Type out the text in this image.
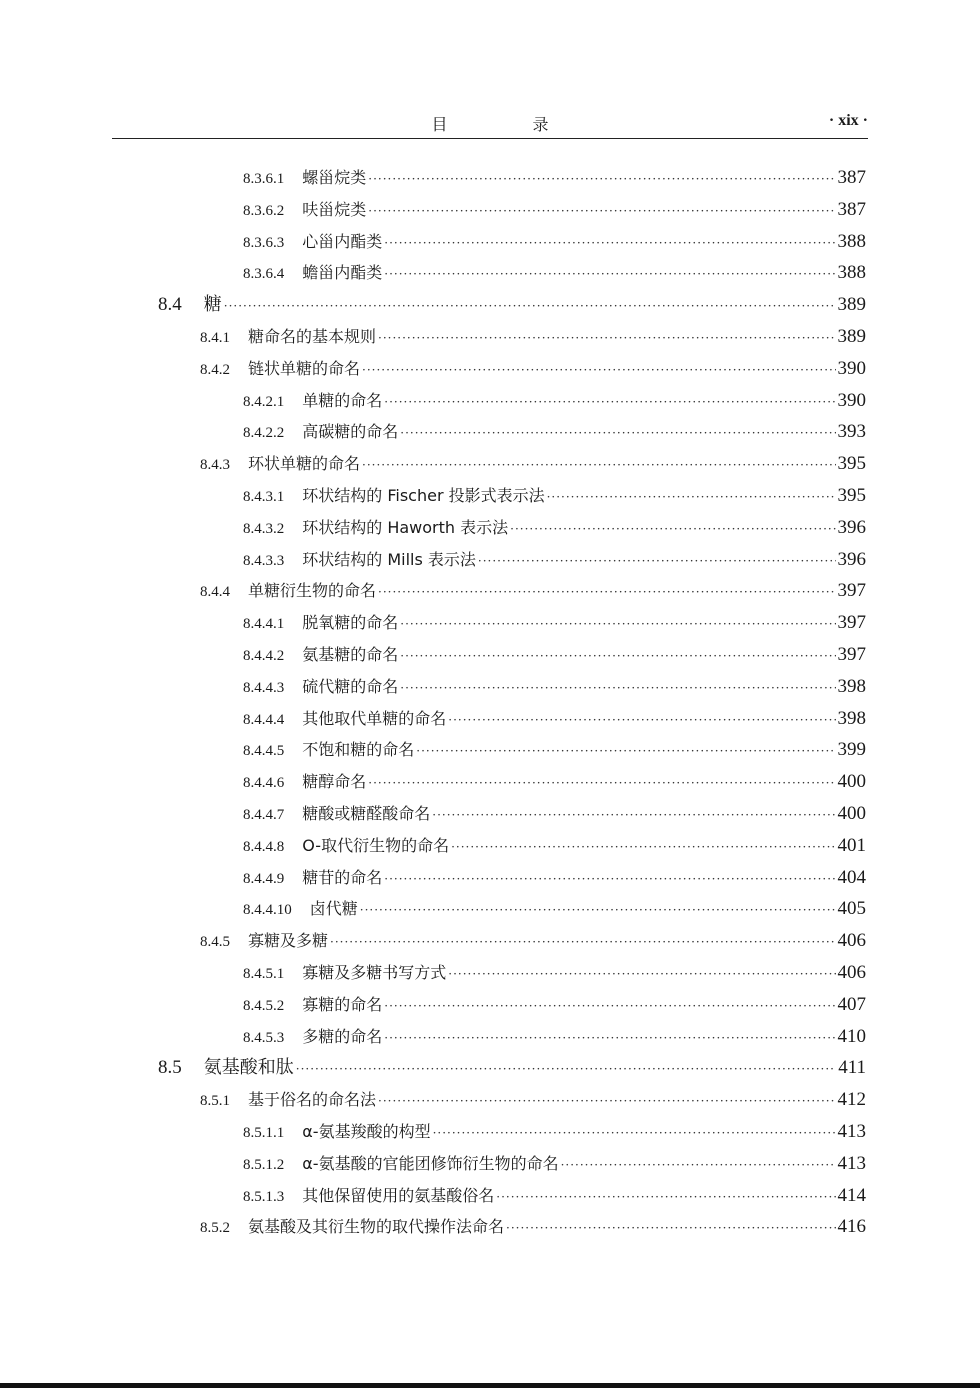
目 录	· xix ·
8.3.6.1 螺甾烷类 ·····	387
8.3.6.2 呋甾烷类 ·····	387
8.3.6.3 心甾内酯类 ·····	388
8.3.6.4 蟾甾内酯类 ·····	388
8.4 糖 ·····	389
8.4.1 糖命名的基本规则 ·····	389
8.4.2 链状单糖的命名 ·····	390
8.4.2.1 单糖的命名 ·····	390
8.4.2.2 高碳糖的命名 ·····	393
8.4.3 环状单糖的命名 ·····	395
8.4.3.1 环状结构的 Fischer 投影式表示法 ·····	395
8.4.3.2 环状结构的 Haworth 表示法 ·····	396
8.4.3.3 环状结构的 Mills 表示法 ·····	396
8.4.4 单糖衍生物的命名 ·····	397
8.4.4.1 脱氧糖的命名 ·····	397
8.4.4.2 氨基糖的命名 ·····	397
8.4.4.3 硫代糖的命名 ·····	398
8.4.4.4 其他取代单糖的命名 ·····	398
8.4.4.5 不饱和糖的命名 ·····	399
8.4.4.6 糖醇命名 ·····	400
8.4.4.7 糖酸或糖醛酸命名 ·····	400
8.4.4.8 O-取代衍生物的命名 ·····	401
8.4.4.9 糖苷的命名 ·····	404
8.4.4.10 卤代糖 ·····	405
8.4.5 寡糖及多糖 ·····	406
8.4.5.1 寡糖及多糖书写方式 ·····	406
8.4.5.2 寡糖的命名 ·····	407
8.4.5.3 多糖的命名 ·····	410
8.5 氨基酸和肽 ·····	411
8.5.1 基于俗名的命名法 ·····	412
8.5.1.1 α-氨基羧酸的构型 ·····	413
8.5.1.2 α-氨基酸的官能团修饰衍生物的命名 ·····	413
8.5.1.3 其他保留使用的氨基酸俗名 ·····	414
8.5.2 氨基酸及其衍生物的取代操作法命名 ·····	416
